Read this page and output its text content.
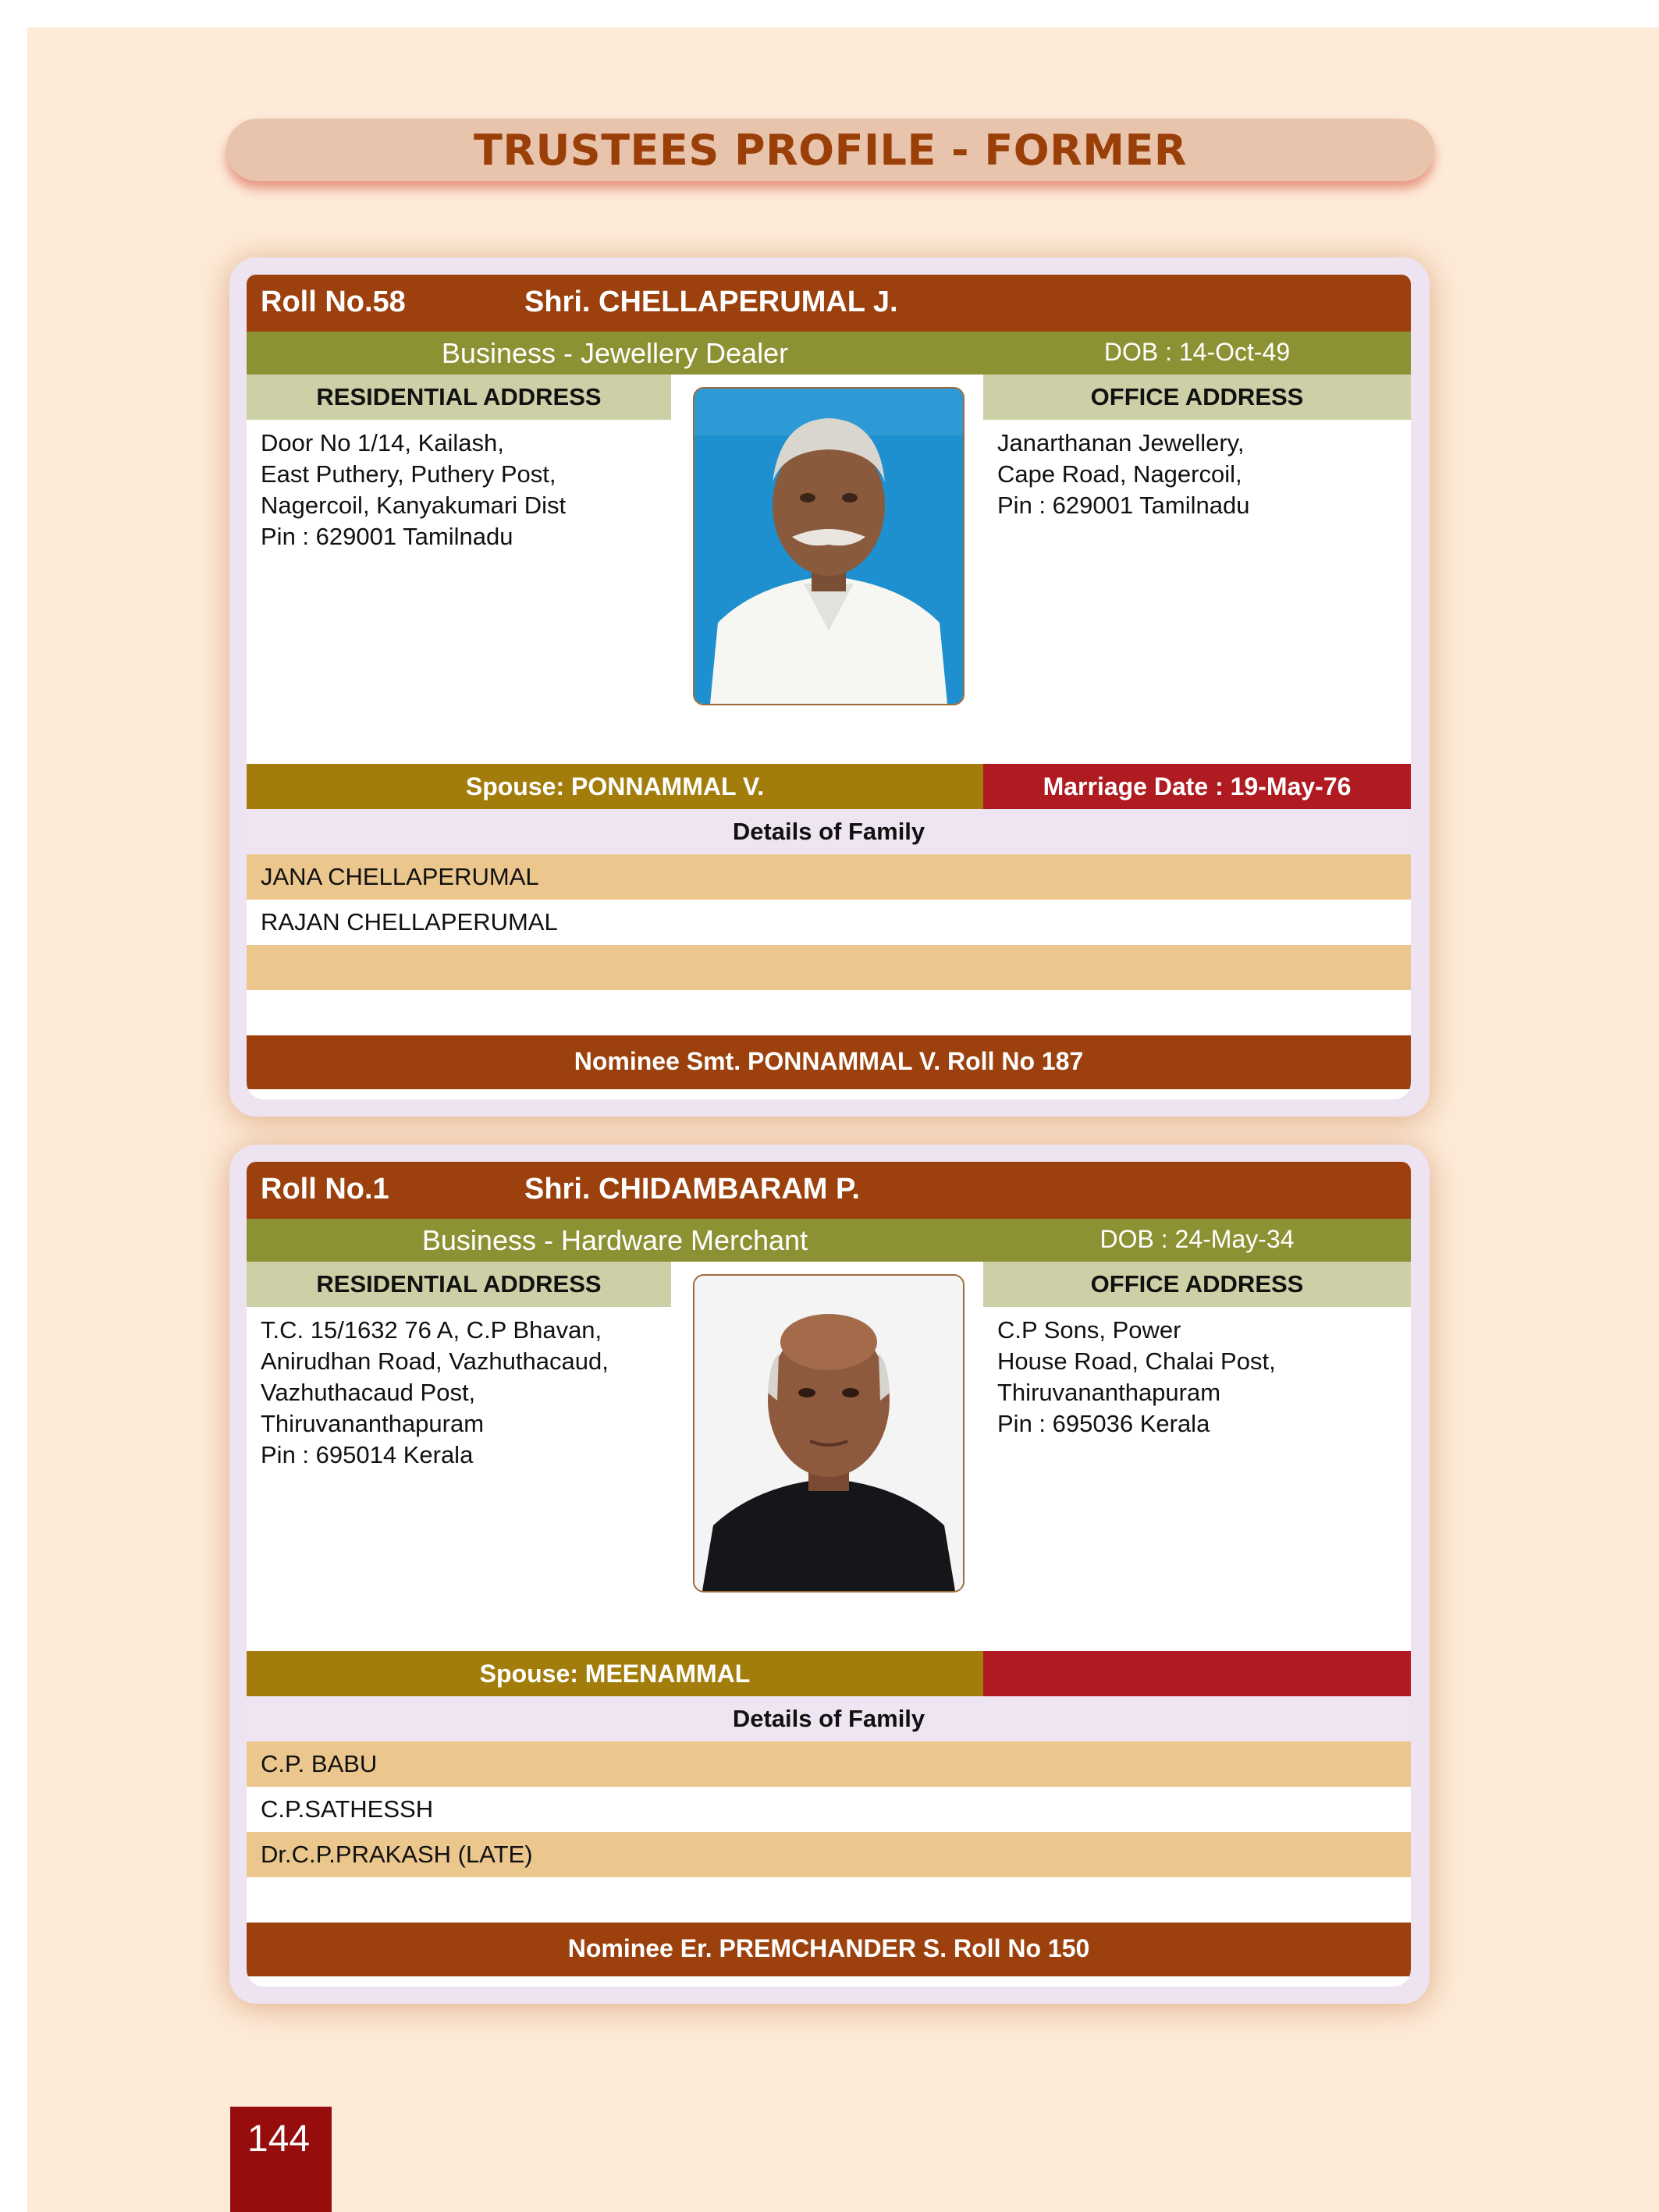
TRUSTEES PROFILE - FORMER
Roll No.58	Shri. CHELLAPERUMAL J.
Business - Jewellery Dealer	DOB : 14-Oct-49
RESIDENTIAL ADDRESS	OFFICE ADDRESS
Door No 1/14, Kailash,
East Puthery, Puthery Post,
Nagercoil, Kanyakumari Dist
Pin : 629001 Tamilnadu
Janarthanan Jewellery,
Cape Road, Nagercoil,
Pin : 629001 Tamilnadu
Spouse: PONNAMMAL V.	Marriage Date : 19-May-76
Details of Family
JANA CHELLAPERUMAL
RAJAN CHELLAPERUMAL
Nominee Smt. PONNAMMAL V. Roll No 187
Roll No.1	Shri. CHIDAMBARAM P.
Business - Hardware Merchant	DOB : 24-May-34
RESIDENTIAL ADDRESS	OFFICE ADDRESS
T.C. 15/1632 76 A, C.P Bhavan,
Anirudhan Road, Vazhuthacaud,
Vazhuthacaud Post,
Thiruvananthapuram
Pin : 695014 Kerala
C.P Sons, Power
House Road, Chalai Post,
Thiruvananthapuram
Pin : 695036 Kerala
Spouse: MEENAMMAL
Details of Family
C.P. BABU
C.P.SATHESSH
Dr.C.P.PRAKASH (LATE)
Nominee Er. PREMCHANDER S. Roll No 150
144
